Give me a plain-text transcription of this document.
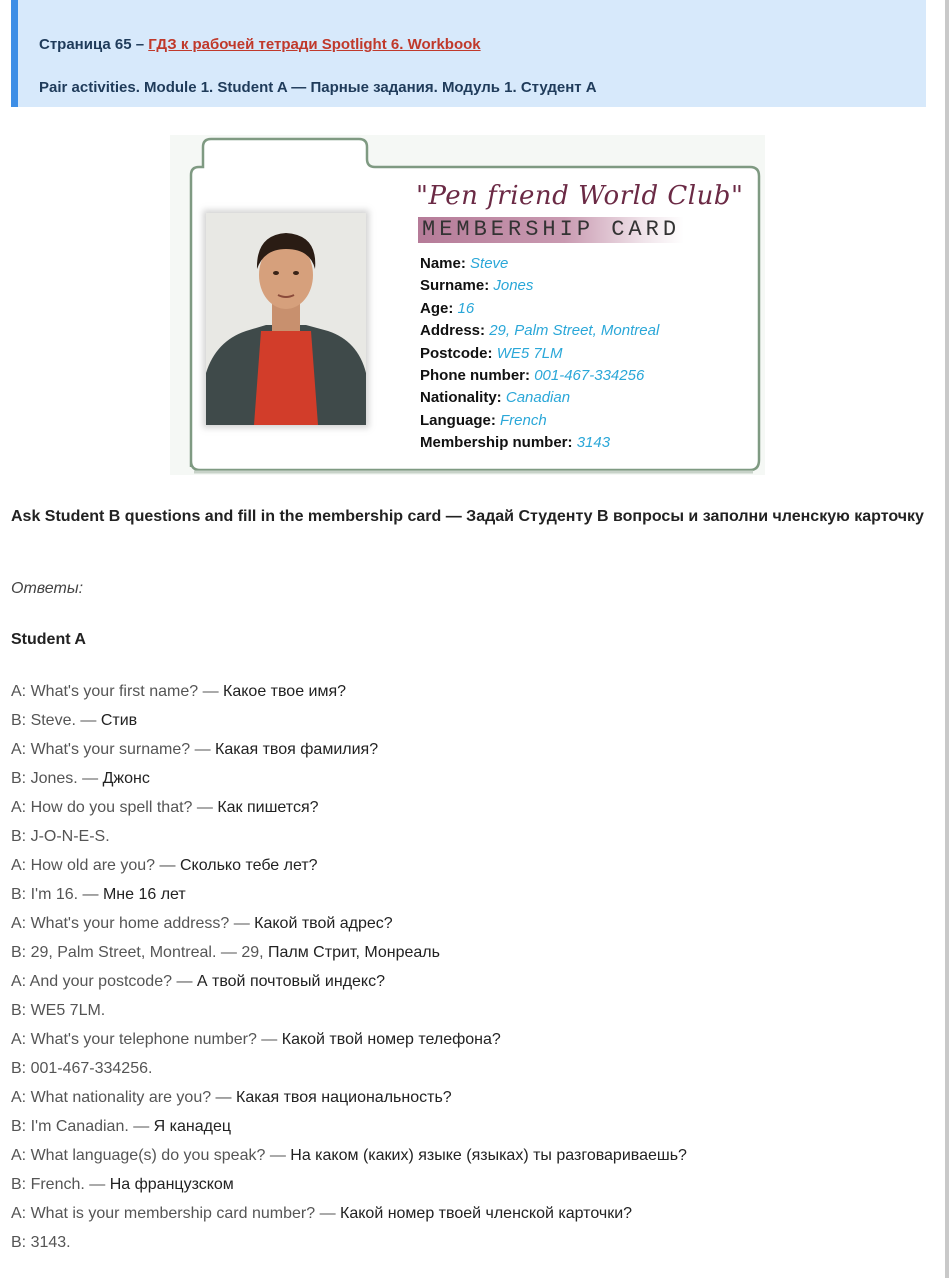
Страница 65 – ГДЗ к рабочей тетради Spotlight 6. Workbook
Pair activities. Module 1. Student A — Парные задания. Модуль 1. Студент A
"Pen friend World Club"
MEMBERSHIP CARD
Name: Steve
Surname: Jones
Age: 16
Address: 29, Palm Street, Montreal
Postcode: WE5 7LM
Phone number: 001-467-334256
Nationality: Canadian
Language: French
Membership number: 3143
Ask Student B questions and fill in the membership card — Задай Студенту В вопросы и заполни членскую карточку
Ответы:
Student A
A: What's your first name? — Какое твое имя?
B: Steve. — Стив
A: What's your surname? — Какая твоя фамилия?
B: Jones. — Джонс
A: How do you spell that? — Как пишется?
B: J-O-N-E-S.
A: How old are you? — Сколько тебе лет?
B: I'm 16. — Мне 16 лет
A: What's your home address? — Какой твой адрес?
B: 29, Palm Street, Montreal. — 29, Палм Стрит, Монреаль
A: And your postcode? — А твой почтовый индекс?
B: WE5 7LM.
A: What's your telephone number? — Какой твой номер телефона?
B: 001-467-334256.
A: What nationality are you? — Какая твоя национальность?
B: I'm Canadian. — Я канадец
A: What language(s) do you speak? — На каком (каких) языке (языках) ты разговариваешь?
B: French. — На французском
A: What is your membership card number? — Какой номер твоей членской карточки?
B: 3143.
